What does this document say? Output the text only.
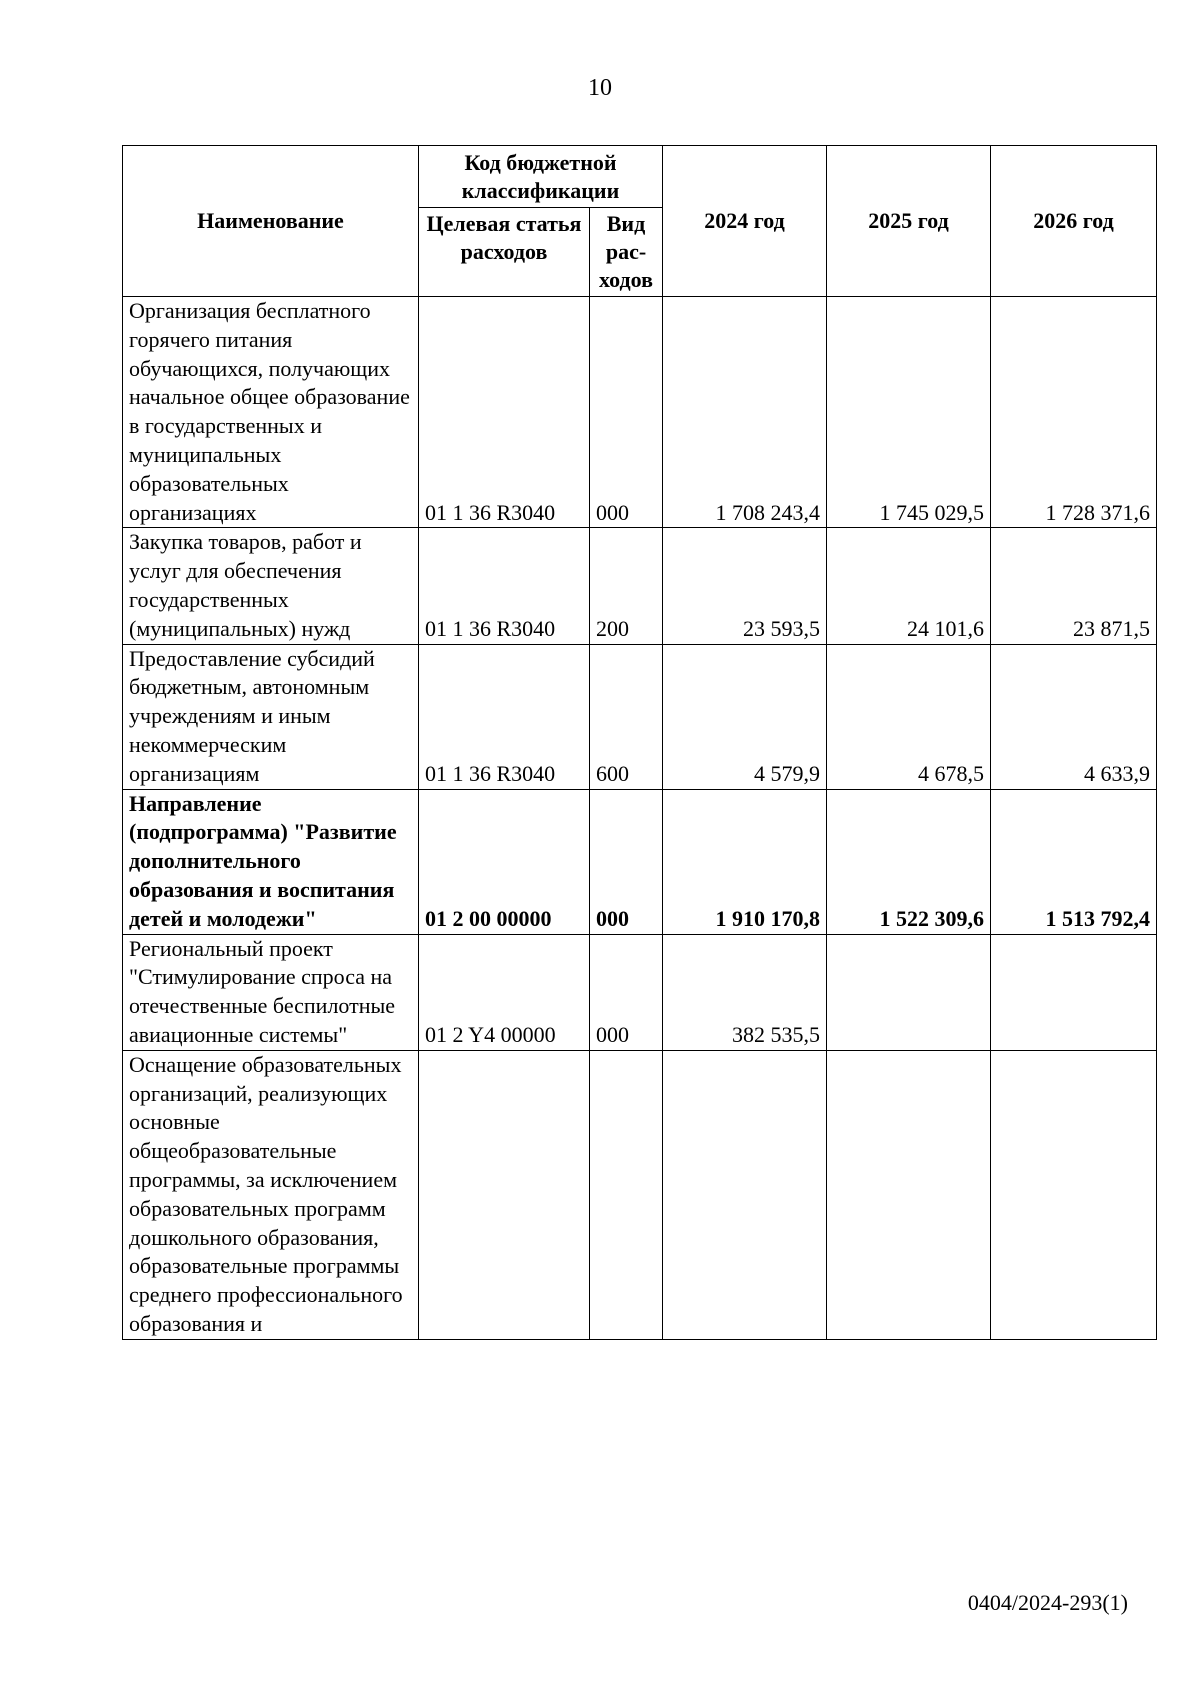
10
Наименование	Код бюджетной классификации		2024 год	2025 год	2026 год
	Целевая статья расходов	Вид рас-ходов			
Организация бесплатного горячего питания обучающихся, получающих начальное общее образование в государственных и муниципальных образовательных организациях	01 1 36 R3040	000	1 708 243,4	1 745 029,5	1 728 371,6
Закупка товаров, работ и услуг для обеспечения государственных (муниципальных) нужд	01 1 36 R3040	200	23 593,5	24 101,6	23 871,5
Предоставление субсидий бюджетным, автономным учреждениям и иным некоммерческим организациям	01 1 36 R3040	600	4 579,9	4 678,5	4 633,9
Направление (подпрограмма) "Развитие дополнительного образования и воспитания детей и молодежи"	01 2 00 00000	000	1 910 170,8	1 522 309,6	1 513 792,4
Региональный проект "Стимулирование спроса на отечественные беспилотные авиационные системы"	01 2 Y4 00000	000	382 535,5		
Оснащение образовательных организаций, реализующих основные общеобразовательные программы, за исключением образовательных программ дошкольного образования, образовательные программы среднего профессионального образования и					
0404/2024-293(1)
